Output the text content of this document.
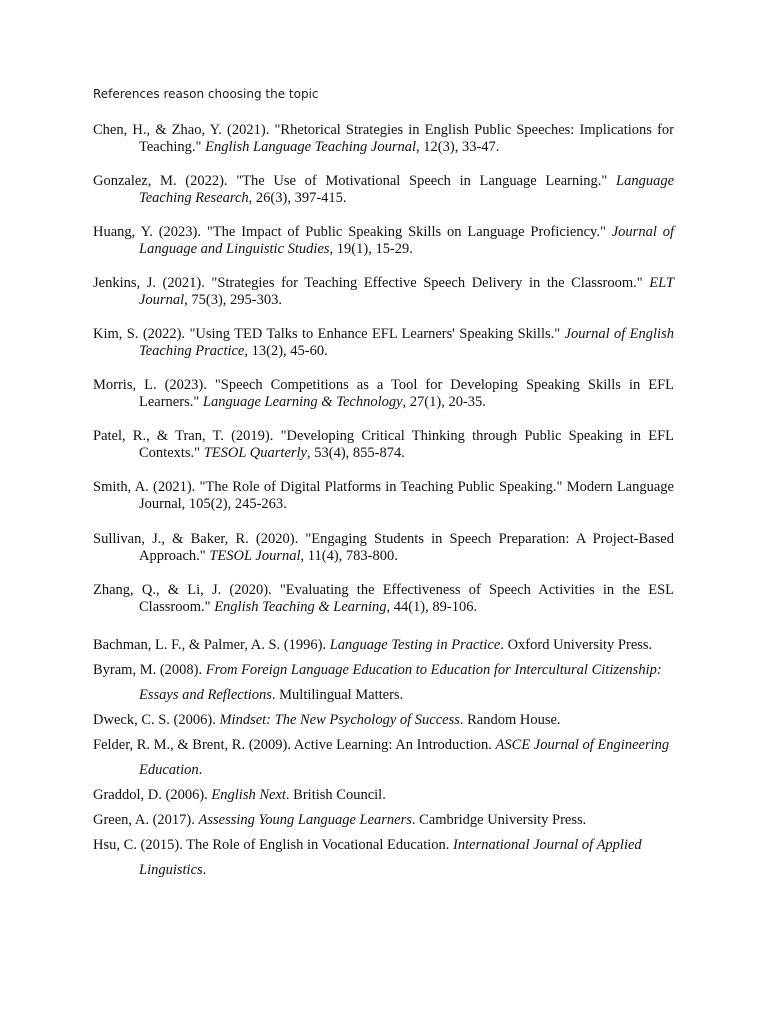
References reason choosing the topic

Chen, H., & Zhao, Y. (2021). "Rhetorical Strategies in English Public Speeches: Implications for Teaching." English Language Teaching Journal, 12(3), 33-47.

Gonzalez, M. (2022). "The Use of Motivational Speech in Language Learning." Language Teaching Research, 26(3), 397-415.

Huang, Y. (2023). "The Impact of Public Speaking Skills on Language Proficiency." Journal of Language and Linguistic Studies, 19(1), 15-29.

Jenkins, J. (2021). "Strategies for Teaching Effective Speech Delivery in the Classroom." ELT Journal, 75(3), 295-303.

Kim, S. (2022). "Using TED Talks to Enhance EFL Learners' Speaking Skills." Journal of English Teaching Practice, 13(2), 45-60.

Morris, L. (2023). "Speech Competitions as a Tool for Developing Speaking Skills in EFL Learners." Language Learning & Technology, 27(1), 20-35.

Patel, R., & Tran, T. (2019). "Developing Critical Thinking through Public Speaking in EFL Contexts." TESOL Quarterly, 53(4), 855-874.

Smith, A. (2021). "The Role of Digital Platforms in Teaching Public Speaking." Modern Language Journal, 105(2), 245-263.

Sullivan, J., & Baker, R. (2020). "Engaging Students in Speech Preparation: A Project-Based Approach." TESOL Journal, 11(4), 783-800.

Zhang, Q., & Li, J. (2020). "Evaluating the Effectiveness of Speech Activities in the ESL Classroom." English Teaching & Learning, 44(1), 89-106.

Bachman, L. F., & Palmer, A. S. (1996). Language Testing in Practice. Oxford University Press.

Byram, M. (2008). From Foreign Language Education to Education for Intercultural Citizenship: Essays and Reflections. Multilingual Matters.

Dweck, C. S. (2006). Mindset: The New Psychology of Success. Random House.

Felder, R. M., & Brent, R. (2009). Active Learning: An Introduction. ASCE Journal of Engineering Education.

Graddol, D. (2006). English Next. British Council.

Green, A. (2017). Assessing Young Language Learners. Cambridge University Press.

Hsu, C. (2015). The Role of English in Vocational Education. International Journal of Applied Linguistics.
